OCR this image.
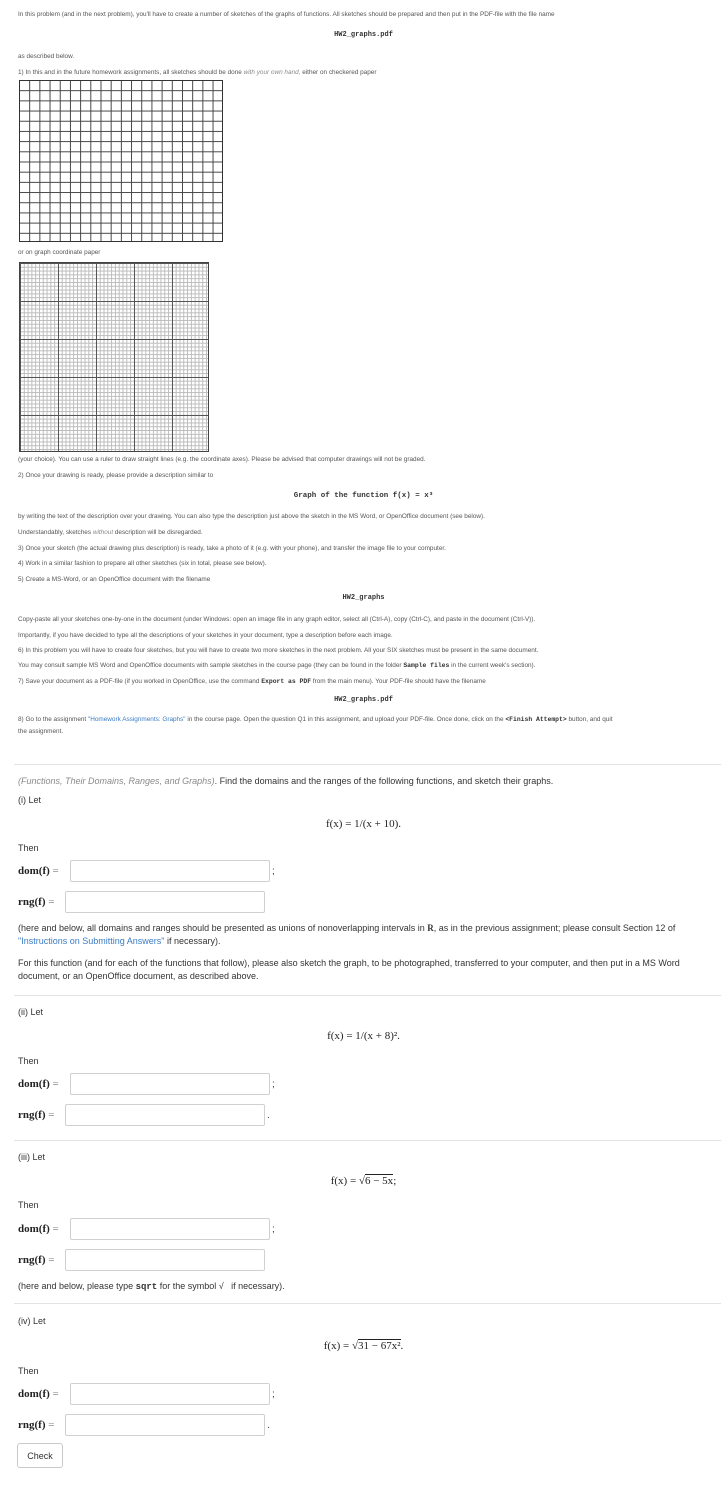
In this problem (and in the next problem), you'll have to create a number of sketches of the graphs of functions. All sketches should be prepared and then put in the PDF-file with the file name
HW2_graphs.pdf
as described below.
1) In this and in the future homework assignments, all sketches should be done with your own hand, either on checkered paper
or on graph coordinate paper
(your choice). You can use a ruler to draw straight lines (e.g. the coordinate axes). Please be advised that computer drawings will not be graded.
2) Once your drawing is ready, please provide a description similar to
Graph of the function f(x) = x³
by writing the text of the description over your drawing. You can also type the description just above the sketch in the MS Word, or OpenOffice document (see below).
Understandably, sketches without description will be disregarded.
3) Once your sketch (the actual drawing plus description) is ready, take a photo of it (e.g. with your phone), and transfer the image file to your computer.
4) Work in a similar fashion to prepare all other sketches (six in total, please see below).
5) Create a MS-Word, or an OpenOffice document with the filename
HW2_graphs
Copy-paste all your sketches one-by-one in the document (under Windows: open an image file in any graph editor, select all (Ctrl-A), copy (Ctrl-C), and paste in the document (Ctrl-V)).
Importantly, if you have decided to type all the descriptions of your sketches in your document, type a description before each image.
6) In this problem you will have to create four sketches, but you will have to create two more sketches in the next problem. All your SIX sketches must be present in the same document.
You may consult sample MS Word and OpenOffice documents with sample sketches in the course page (they can be found in the folder Sample files in the current week's section).
7) Save your document as a PDF-file (if you worked in OpenOffice, use the command Export as PDF from the main menu). Your PDF-file should have the filename
HW2_graphs.pdf
8) Go to the assignment "Homework Assignments: Graphs" in the course page. Open the question Q1 in this assignment, and upload your PDF-file. Once done, click on the <Finish Attempt> button, and quit
the assignment.
(Functions, Their Domains, Ranges, and Graphs). Find the domains and the ranges of the following functions, and sketch their graphs.
(i) Let
f(x) = 1/(x + 10).
Then
dom(f) =	;
rng(f) =
(here and below, all domains and ranges should be presented as unions of nonoverlapping intervals in R, as in the previous assignment; please consult Section 12 of
"Instructions on Submitting Answers" if necessary).
For this function (and for each of the functions that follow), please also sketch the graph, to be photographed, transferred to your computer, and then put in a MS Word document, or an OpenOffice document, as described above.
(ii) Let
f(x) = 1/(x + 8)².
Then
dom(f) =	;
rng(f) =	.
(iii) Let
f(x) = √6 − 5x;
Then
dom(f) =	;
rng(f) =
(here and below, please type sqrt for the symbol √   if necessary).
(iv) Let
f(x) = √31 − 67x².
Then
dom(f) =	;
rng(f) =	.
Check
